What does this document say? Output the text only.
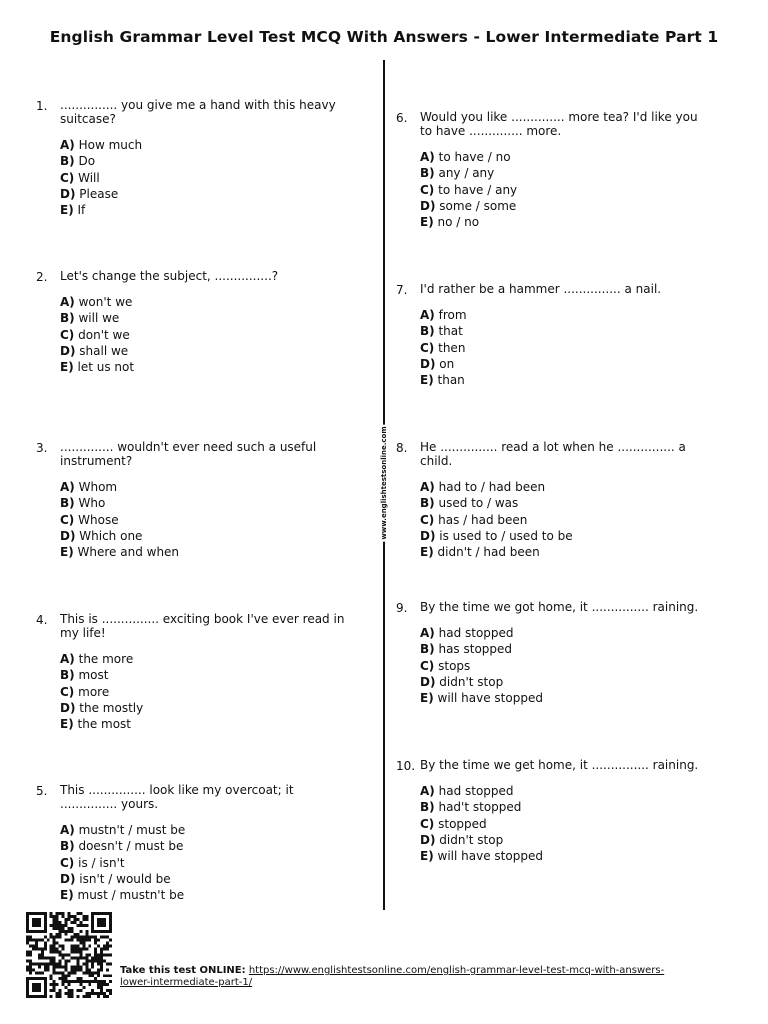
English Grammar Level Test MCQ With Answers - Lower Intermediate Part 1
www.englishtestsonline.com
1. ............... you give me a hand with this heavy suitcase?
A) How much
B) Do
C) Will
D) Please
E) If
2. Let's change the subject, ...............?
A) won't we
B) will we
C) don't we
D) shall we
E) let us not
3. .............. wouldn't ever need such a useful instrument?
A) Whom
B) Who
C) Whose
D) Which one
E) Where and when
4. This is ............... exciting book I've ever read in my life!
A) the more
B) most
C) more
D) the mostly
E) the most
5. This ............... look like my overcoat; it ............... yours.
A) mustn't / must be
B) doesn't / must be
C) is / isn't
D) isn't / would be
E) must / mustn't be
6. Would you like .............. more tea? I'd like you to have .............. more.
A) to have / no
B) any / any
C) to have / any
D) some / some
E) no / no
7. I'd rather be a hammer ............... a nail.
A) from
B) that
C) then
D) on
E) than
8. He ............... read a lot when he ............... a child.
A) had to / had been
B) used to / was
C) has / had been
D) is used to / used to be
E) didn't / had been
9. By the time we got home, it ............... raining.
A) had stopped
B) has stopped
C) stops
D) didn't stop
E) will have stopped
10. By the time we get home, it ............... raining.
A) had stopped
B) had't stopped
C) stopped
D) didn't stop
E) will have stopped
Take this test ONLINE: https://www.englishtestsonline.com/english-grammar-level-test-mcq-with-answers-lower-intermediate-part-1/
